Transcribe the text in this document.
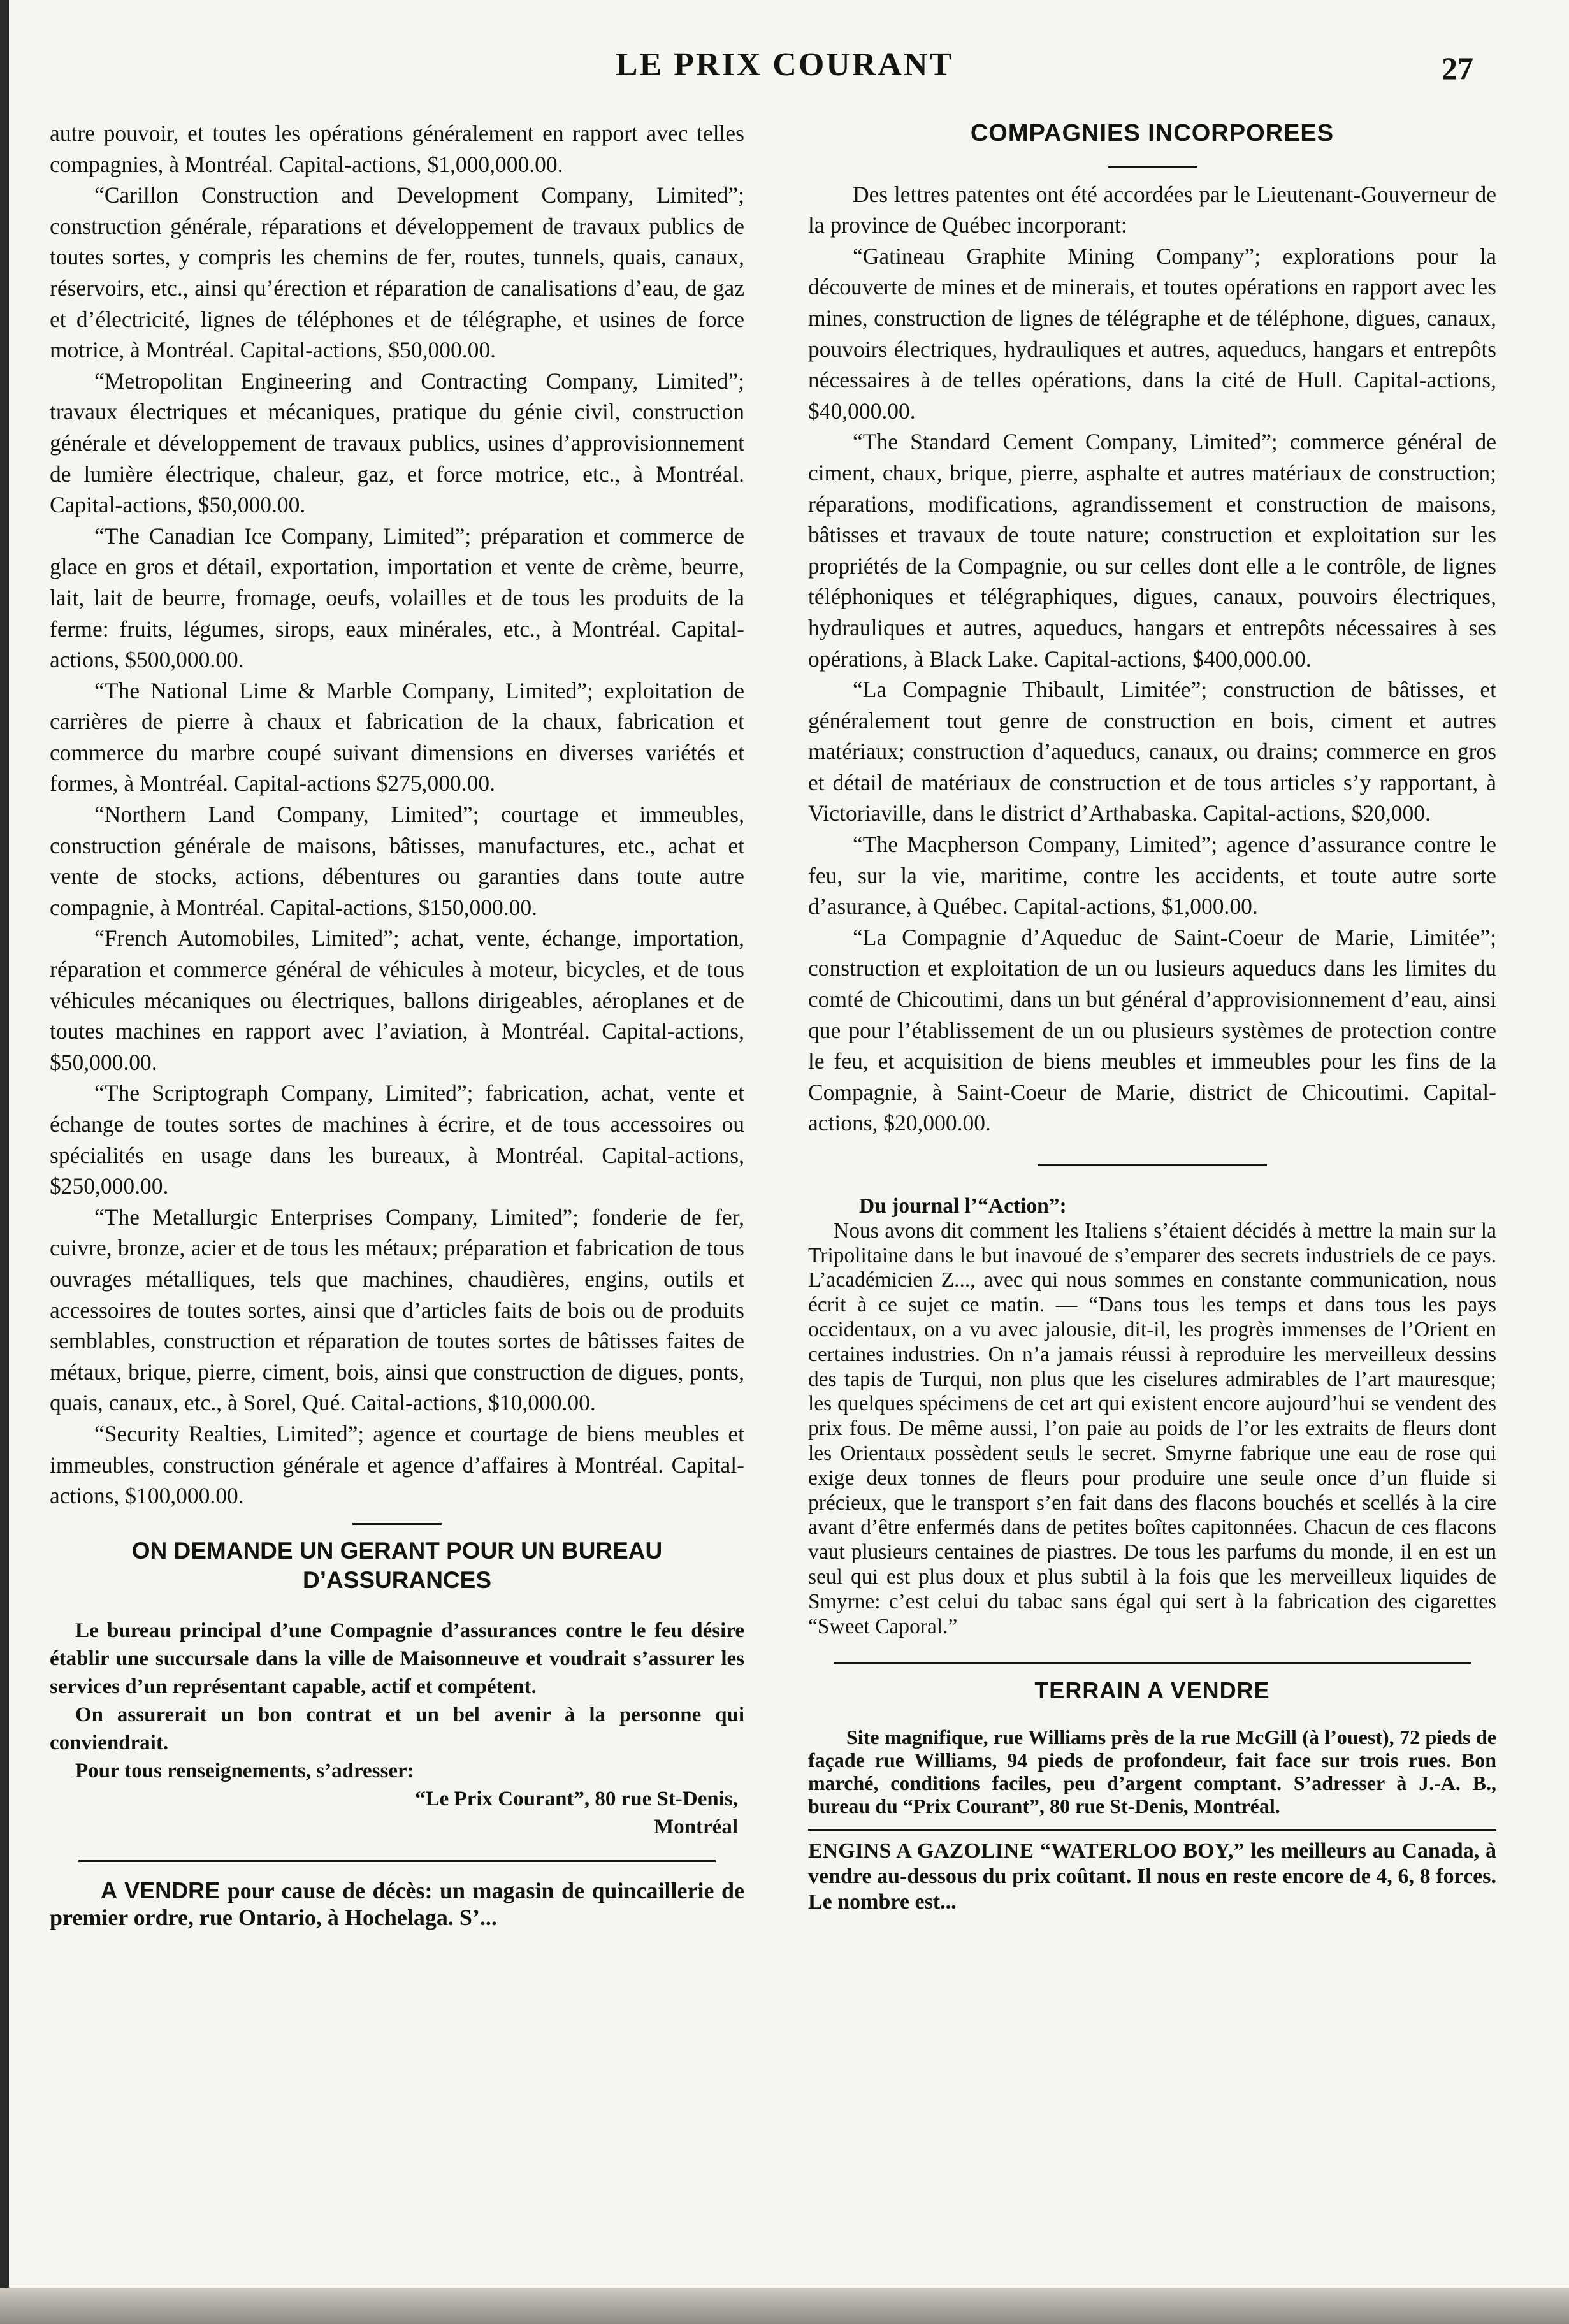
LE PRIX COURANT	27

autre pouvoir, et toutes les opérations généralement en rapport avec telles compagnies, à Montréal. Capital-actions, $1,000,000.00.

“Carillon Construction and Development Company, Limited”; construction générale, réparations et développement de travaux publics de toutes sortes, y compris les chemins de fer, routes, tunnels, quais, canaux, réservoirs, etc., ainsi qu’érection et réparation de canalisations d’eau, de gaz et d’électricité, lignes de téléphones et de télégraphe, et usines de force motrice, à Montréal. Capital-actions, $50,000.00.

“Metropolitan Engineering and Contracting Company, Limited”; travaux électriques et mécaniques, pratique du génie civil, construction générale et développement de travaux publics, usines d’approvisionnement de lumière électrique, chaleur, gaz, et force motrice, etc., à Montréal. Capital-actions, $50,000.00.

“The Canadian Ice Company, Limited”; préparation et commerce de glace en gros et détail, exportation, importation et vente de crème, beurre, lait, lait de beurre, fromage, oeufs, volailles et de tous les produits de la ferme: fruits, légumes, sirops, eaux minérales, etc., à Montréal. Capital-actions, $500,000.00.

“The National Lime & Marble Company, Limited”; exploitation de carrières de pierre à chaux et fabrication de la chaux, fabrication et commerce du marbre coupé suivant dimensions en diverses variétés et formes, à Montréal. Capital-actions $275,000.00.

“Northern Land Company, Limited”; courtage et immeubles, construction générale de maisons, bâtisses, manufactures, etc., achat et vente de stocks, actions, débentures ou garanties dans toute autre compagnie, à Montréal. Capital-actions, $150,000.00.

“French Automobiles, Limited”; achat, vente, échange, importation, réparation et commerce général de véhicules à moteur, bicycles, et de tous véhicules mécaniques ou électriques, ballons dirigeables, aéroplanes et de toutes machines en rapport avec l’aviation, à Montréal. Capital-actions, $50,000.00.

“The Scriptograph Company, Limited”; fabrication, achat, vente et échange de toutes sortes de machines à écrire, et de tous accessoires ou spécialités en usage dans les bureaux, à Montréal. Capital-actions, $250,000.00.

“The Metallurgic Enterprises Company, Limited”; fonderie de fer, cuivre, bronze, acier et de tous les métaux; préparation et fabrication de tous ouvrages métalliques, tels que machines, chaudières, engins, outils et accessoires de toutes sortes, ainsi que d’articles faits de bois ou de produits semblables, construction et réparation de toutes sortes de bâtisses faites de métaux, brique, pierre, ciment, bois, ainsi que construction de digues, ponts, quais, canaux, etc., à Sorel, Qué. Caital-actions, $10,000.00.

“Security Realties, Limited”; agence et courtage de biens meubles et immeubles, construction générale et agence d’affaires à Montréal. Capital-actions, $100,000.00.

ON DEMANDE UN GERANT POUR UN BUREAU D’ASSURANCES

Le bureau principal d’une Compagnie d’assurances contre le feu désire établir une succursale dans la ville de Maisonneuve et voudrait s’assurer les services d’un représentant capable, actif et compétent.

On assurerait un bon contrat et un bel avenir à la personne qui conviendrait.

Pour tous renseignements, s’adresser:

“Le Prix Courant”, 80 rue St-Denis,
Montréal
A VENDRE pour cause de décès: un magasin de quincaillerie de premier ordre, rue Ontario, à Hochelaga. S’...
COMPAGNIES INCORPOREES

Des lettres patentes ont été accordées par le Lieutenant-Gouverneur de la province de Québec incorporant:

“Gatineau Graphite Mining Company”; explorations pour la découverte de mines et de minerais, et toutes opérations en rapport avec les mines, construction de lignes de télégraphe et de téléphone, digues, canaux, pouvoirs électriques, hydrauliques et autres, aqueducs, hangars et entrepôts nécessaires à de telles opérations, dans la cité de Hull. Capital-actions, $40,000.00.

“The Standard Cement Company, Limited”; commerce général de ciment, chaux, brique, pierre, asphalte et autres matériaux de construction; réparations, modifications, agrandissement et construction de maisons, bâtisses et travaux de toute nature; construction et exploitation sur les propriétés de la Compagnie, ou sur celles dont elle a le contrôle, de lignes téléphoniques et télégraphiques, digues, canaux, pouvoirs électriques, hydrauliques et autres, aqueducs, hangars et entrepôts nécessaires à ses opérations, à Black Lake. Capital-actions, $400,000.00.

“La Compagnie Thibault, Limitée”; construction de bâtisses, et généralement tout genre de construction en bois, ciment et autres matériaux; construction d’aqueducs, canaux, ou drains; commerce en gros et détail de matériaux de construction et de tous articles s’y rapportant, à Victoriaville, dans le district d’Arthabaska. Capital-actions, $20,000.

“The Macpherson Company, Limited”; agence d’assurance contre le feu, sur la vie, maritime, contre les accidents, et toute autre sorte d’asurance, à Québec. Capital-actions, $1,000.00.

“La Compagnie d’Aqueduc de Saint-Coeur de Marie, Limitée”; construction et exploitation de un ou lusieurs aqueducs dans les limites du comté de Chicoutimi, dans un but général d’approvisionnement d’eau, ainsi que pour l’établissement de un ou plusieurs systèmes de protection contre le feu, et acquisition de biens meubles et immeubles pour les fins de la Compagnie, à Saint-Coeur de Marie, district de Chicoutimi. Capital-actions, $20,000.00.

Du journal l’“Action”:

Nous avons dit comment les Italiens s’étaient décidés à mettre la main sur la Tripolitaine dans le but inavoué de s’emparer des secrets industriels de ce pays. L’académicien Z..., avec qui nous sommes en constante communication, nous écrit à ce sujet ce matin. — “Dans tous les temps et dans tous les pays occidentaux, on a vu avec jalousie, dit-il, les progrès immenses de l’Orient en certaines industries. On n’a jamais réussi à reproduire les merveilleux dessins des tapis de Turqui, non plus que les ciselures admirables de l’art mauresque; les quelques spécimens de cet art qui existent encore aujourd’hui se vendent des prix fous. De même aussi, l’on paie au poids de l’or les extraits de fleurs dont les Orientaux possèdent seuls le secret. Smyrne fabrique une eau de rose qui exige deux tonnes de fleurs pour produire une seule once d’un fluide si précieux, que le transport s’en fait dans des flacons bouchés et scellés à la cire avant d’être enfermés dans de petites boîtes capitonnées. Chacun de ces flacons vaut plusieurs centaines de piastres. De tous les parfums du monde, il en est un seul qui est plus doux et plus subtil à la fois que les merveilleux liquides de Smyrne: c’est celui du tabac sans égal qui sert à la fabrication des cigarettes “Sweet Caporal.”

TERRAIN A VENDRE

Site magnifique, rue Williams près de la rue McGill (à l’ouest), 72 pieds de façade rue Williams, 94 pieds de profondeur, fait face sur trois rues. Bon marché, conditions faciles, peu d’argent comptant. S’adresser à J.-A. B., bureau du “Prix Courant”, 80 rue St-Denis, Montréal.

ENGINS A GAZOLINE “WATERLOO BOY,” les meilleurs au Canada, à vendre au-dessous du prix coûtant. Il nous en reste encore de 4, 6, 8 forces. Le nombre est...
